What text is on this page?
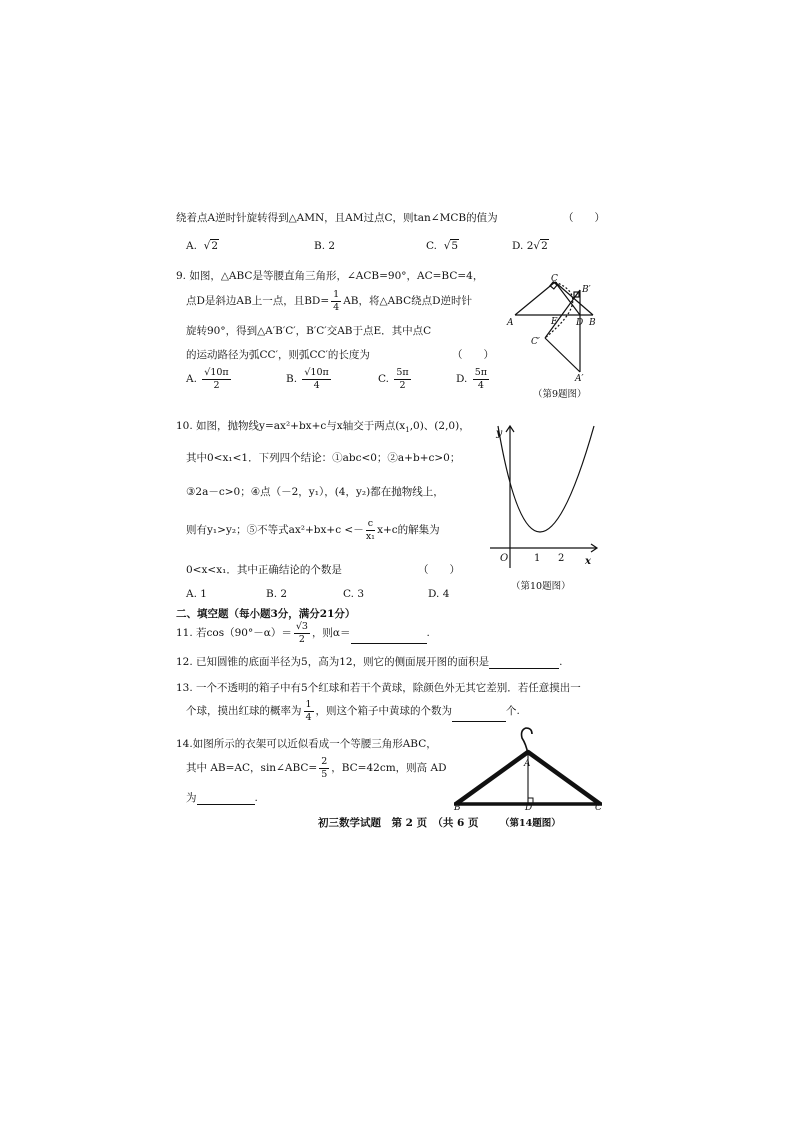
绕着点A逆时针旋转得到△AMN，且AM过点C，则tan∠MCB的值为	（　　）
A. √2	B. 2	C. √5	D. 2√2
9. 如图，△ABC是等腰直角三角形，∠ACB=90°，AC=BC=4，
点D是斜边AB上一点，且$BD= \frac{1}{4}$ AB，将△ABC绕点D逆时针
旋转90°，得到△A′B′C′，B′C′交AB于点E．其中点C
的运动路径为弧CC′，则弧CC′的长度为	（　　）
A. $\frac{√10\pi}{2}$	B. $\frac{√10\pi}{4}$	C. $\frac{5\pi}{2}$	D. $\frac{5\pi}{4}$
C
B′
A	E D B
C′
A′
（第9题图）
10. 如图，抛物线y=ax²+bx+c与x轴交于两点$(x_1,0)$、(2,0)，
其中0<x₁<1．下列四个结论：①abc<0；②a+b+c>0；
③2a－c>0；④点（－2，y₁），(4，y₂)都在抛物线上，
则有y₁>y₂；⑤不等式$ax^2+bx+c <- \frac{c}{\text{x₁}} x+c$的解集为
0<x<x₁．其中正确结论的个数是	（　　）
A. 1	B. 2	C. 3	D. 4
y
O	1 2 x
（第10题图）
二、填空题（每小题3分，满分21分）
11. 若$\cos(90^\circ-\alpha)= \frac{√3}{2}$ ，则α＝	.
12. 已知圆锥的底面半径为5，高为12，则它的侧面展开图的面积是	.
13. 一个不透明的箱子中有5个红球和若干个黄球，除颜色外无其它差别．若任意摸出一
个球，摸出红球的概率为 $\frac{1}{4}$ ，则这个箱子中黄球的个数为	个.
14.如图所示的衣架可以近似看成一个等腰三角形ABC，
其中 AB=AC，sin∠ABC= $\frac{2}{5}$ ，BC=42cm，则高 AD
为	.
A
B	D	C
初三数学试题　第 2 页　（共 6 页 （第14题图）
